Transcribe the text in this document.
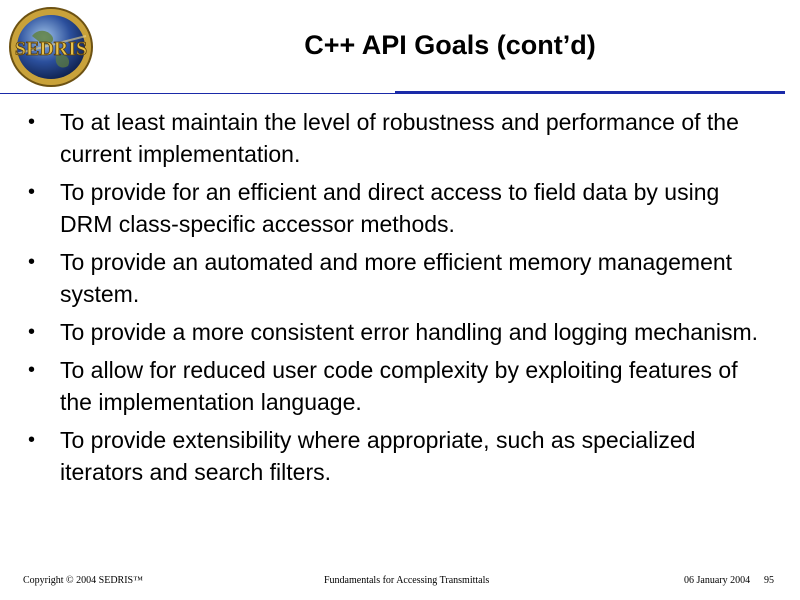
SEDRIS	C++ API Goals (cont’d)
• To at least maintain the level of robustness and performance of the current implementation.
• To provide for an efficient and direct access to field data by using DRM class-specific accessor methods.
• To provide an automated and more efficient memory management system.
• To provide a more consistent error handling and logging mechanism.
• To allow for reduced user code complexity by exploiting features of the implementation language.
• To provide extensibility where appropriate, such as specialized iterators and search filters.
Copyright © 2004 SEDRIS™	Fundamentals for Accessing Transmittals	06 January 2004 95
